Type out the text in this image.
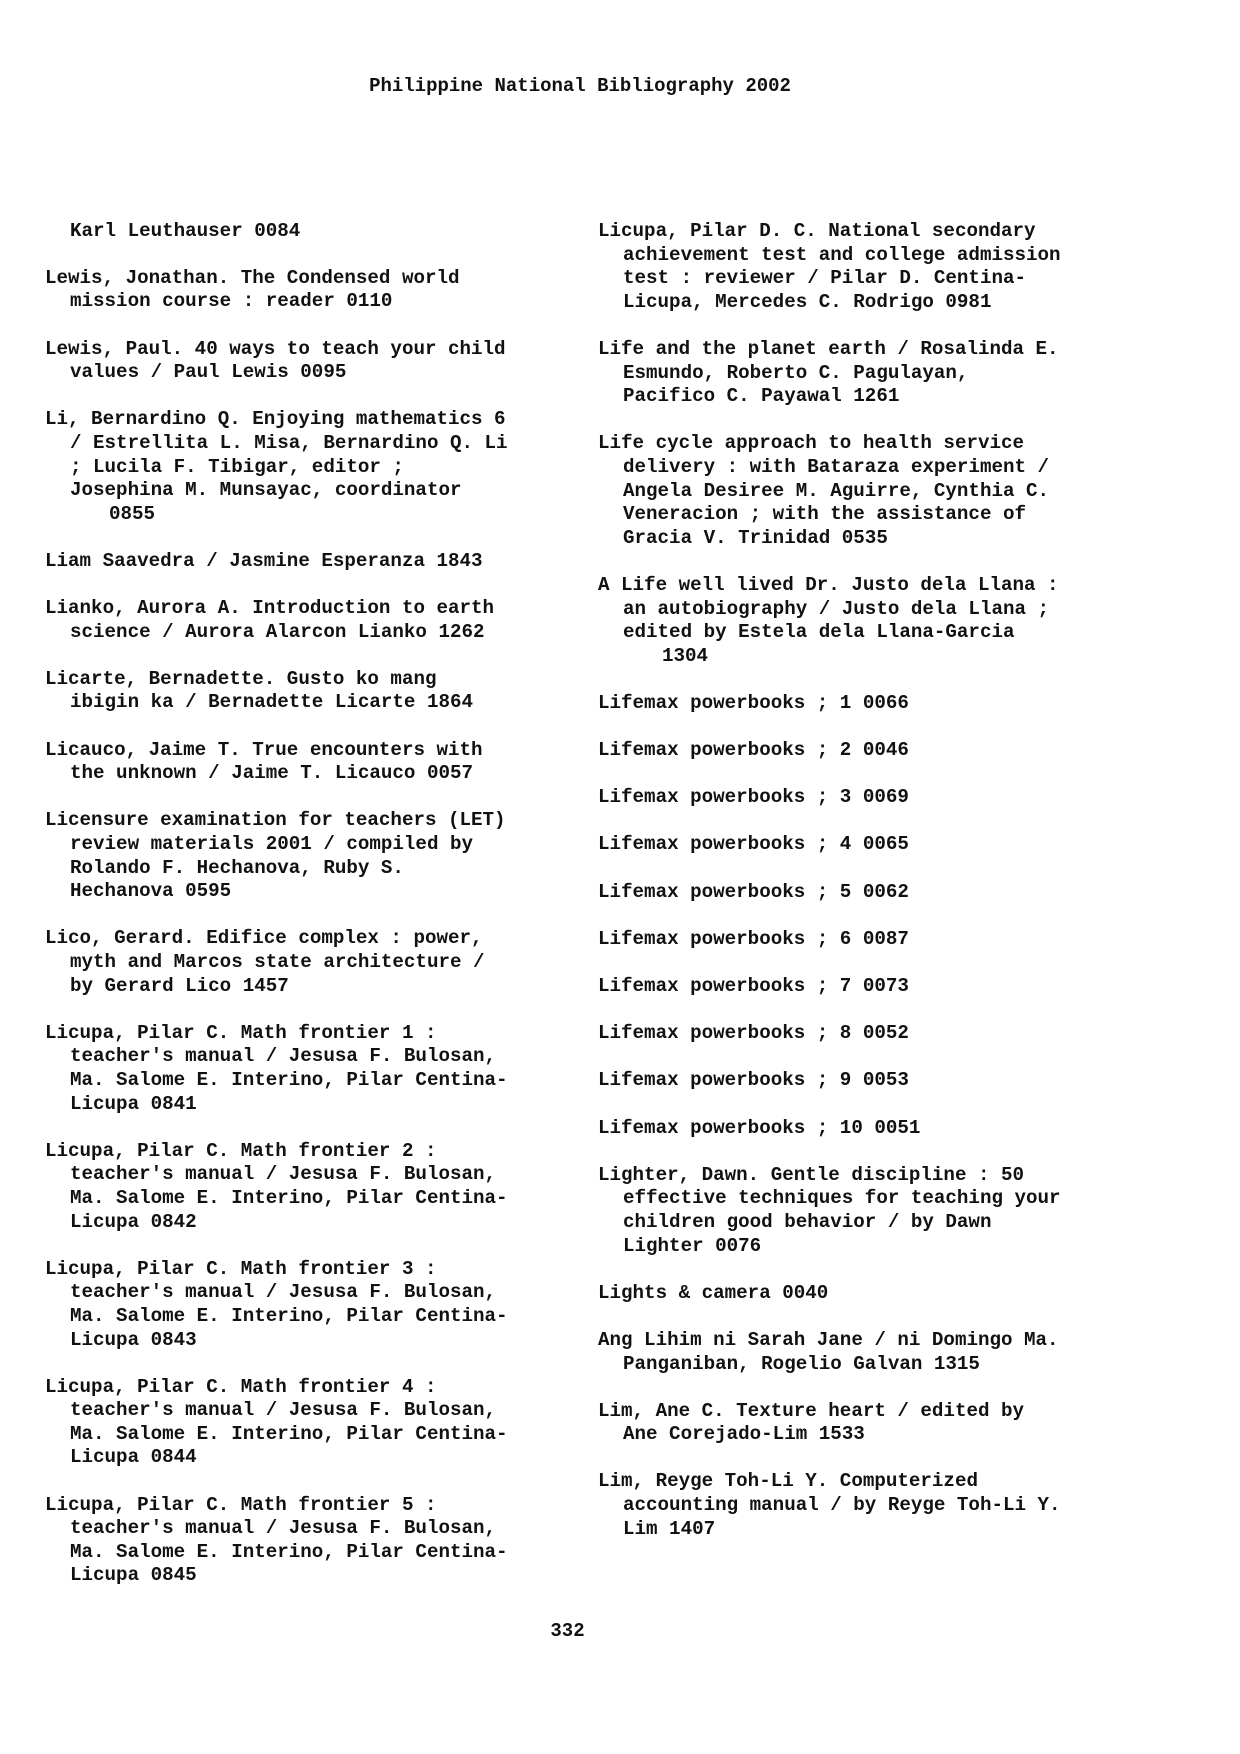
Philippine National Bibliography 2002
Karl Leuthauser 0084
Lewis, Jonathan. The Condensed world
mission course : reader 0110
Lewis, Paul. 40 ways to teach your child
values / Paul Lewis 0095
Li, Bernardino Q. Enjoying mathematics 6
/ Estrellita L. Misa, Bernardino Q. Li
; Lucila F. Tibigar, editor ;
Josephina M. Munsayac, coordinator
0855
Liam Saavedra / Jasmine Esperanza 1843
Lianko, Aurora A. Introduction to earth
science / Aurora Alarcon Lianko 1262
Licarte, Bernadette. Gusto ko mang
ibigin ka / Bernadette Licarte 1864
Licauco, Jaime T. True encounters with
the unknown / Jaime T. Licauco 0057
Licensure examination for teachers (LET)
review materials 2001 / compiled by
Rolando F. Hechanova, Ruby S.
Hechanova 0595
Lico, Gerard. Edifice complex : power,
myth and Marcos state architecture /
by Gerard Lico 1457
Licupa, Pilar C. Math frontier 1 :
teacher's manual / Jesusa F. Bulosan,
Ma. Salome E. Interino, Pilar Centina-
Licupa 0841
Licupa, Pilar C. Math frontier 2 :
teacher's manual / Jesusa F. Bulosan,
Ma. Salome E. Interino, Pilar Centina-
Licupa 0842
Licupa, Pilar C. Math frontier 3 :
teacher's manual / Jesusa F. Bulosan,
Ma. Salome E. Interino, Pilar Centina-
Licupa 0843
Licupa, Pilar C. Math frontier 4 :
teacher's manual / Jesusa F. Bulosan,
Ma. Salome E. Interino, Pilar Centina-
Licupa 0844
Licupa, Pilar C. Math frontier 5 :
teacher's manual / Jesusa F. Bulosan,
Ma. Salome E. Interino, Pilar Centina-
Licupa 0845
Licupa, Pilar D. C. National secondary
achievement test and college admission
test : reviewer / Pilar D. Centina-
Licupa, Mercedes C. Rodrigo 0981
Life and the planet earth / Rosalinda E.
Esmundo, Roberto C. Pagulayan,
Pacifico C. Payawal 1261
Life cycle approach to health service
delivery : with Bataraza experiment /
Angela Desiree M. Aguirre, Cynthia C.
Veneracion ; with the assistance of
Gracia V. Trinidad 0535
A Life well lived Dr. Justo dela Llana :
an autobiography / Justo dela Llana ;
edited by Estela dela Llana-Garcia
1304
Lifemax powerbooks ; 1 0066
Lifemax powerbooks ; 2 0046
Lifemax powerbooks ; 3 0069
Lifemax powerbooks ; 4 0065
Lifemax powerbooks ; 5 0062
Lifemax powerbooks ; 6 0087
Lifemax powerbooks ; 7 0073
Lifemax powerbooks ; 8 0052
Lifemax powerbooks ; 9 0053
Lifemax powerbooks ; 10 0051
Lighter, Dawn. Gentle discipline : 50
effective techniques for teaching your
children good behavior / by Dawn
Lighter 0076
Lights & camera 0040
Ang Lihim ni Sarah Jane / ni Domingo Ma.
Panganiban, Rogelio Galvan 1315
Lim, Ane C. Texture heart / edited by
Ane Corejado-Lim 1533
Lim, Reyge Toh-Li Y. Computerized
accounting manual / by Reyge Toh-Li Y.
Lim 1407
332
